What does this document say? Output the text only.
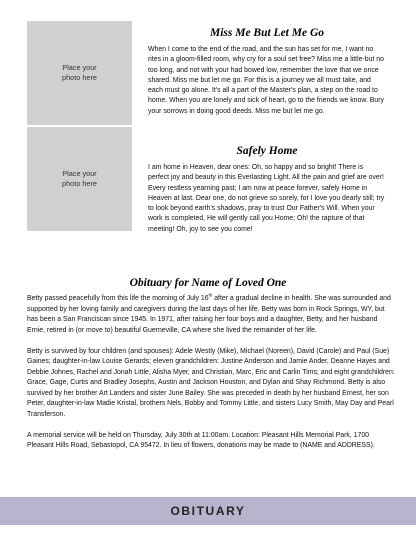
Place your
photo here
Miss Me But Let Me Go

When I come to the end of the road, and the sun has set for me, I want no rites in a gloom-filled room, why cry for a soul set free? Miss me a little-but no too long, and not with your had bowed low, remember the love that we once shared. Miss me but let me go. For this is a journey we all must take, and each must go alone. It's all a part of the Master's plan, a step on the road to home. When you are lonely and sick of heart, go to the friends we know. Bury your sorrows in doing good deeds. Miss me but let me go.

Place your
photo here
Safely Home

I am home in Heaven, dear ones: Oh, so happy and so bright! There is perfect joy and beauty in this Everlasting Light. All the pain and grief are over! Every restless yearning past; I am now at peace forever, safely Home in Heaven at last. Dear one, do not grieve so sorely, for I love you dearly still; try to look beyond earth's shadows, pray to trust Our Father's Will. When your work is completed, He will gently call you Home; Oh! the rapture of that meeting! Oh, joy to see you come!

Obituary for Name of Loved One

Betty passed peacefully from this life the morning of July 16th after a gradual decline in health. She was surrounded and supported by her loving family and caregivers during the last days of her life. Betty was born in Rock Springs, WY, but has been a San Franciscan since 1945. In 1971, after raising her four boys and a daughter, Betty, and her husband Ernie, retired in (or move to) beautiful Guerneville, CA where she lived the remainder of her life.

Betty is survived by four children (and spouses): Adele Westly (Mike), Michael (Noreen), David (Carole) and Paul (Sue) Gaines; daughter-in-law Louise Gerards; eleven grandchildren: Justine Anderson and Jamie Ander, Deanne Hayes and Debbie Johnes, Rachel and Jonah Little, Alisha Myer, and Christian, Marc, Eric and Carlin Tims; and eight grandchildren: Grace, Gage, Curtis and Bradley Josephs, Austin and Jackson Houston, and Dylan and Shay Richmond. Betty is also survived by her brother Art Landers and sister June Bailey. She was preceded in death by her husband Ernest, her son Peter, daughter-in-law Madie Kristal, brothers Nels, Bobby and Tommy Little, and sisters Lucy Smith, May Day and Pearl Transferson.

A memorial service will be held on Thursday, July 30th at 11:00am. Location: Pleasant Hills Memorial Park, 1700 Pleasant Hills Road, Sebastopol, CA 95472. In lieu of flowers, donations may be made to (NAME and ADDRESS).

OBITUARY
